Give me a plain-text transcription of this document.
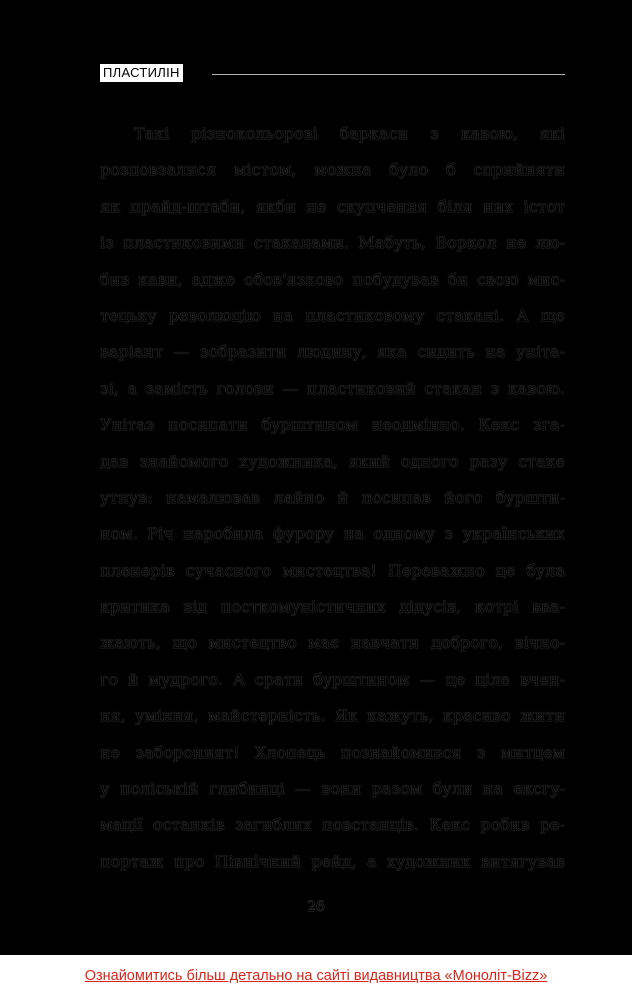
ПЛАСТИЛІН
Такі різнокольорові баркаси з кавою, які
розповзалися містом, можна було б сприйняти
як прайд-штаби, якби не скупчення біля них істот
із пластиковими стаканами. Мабуть, Воркол не лю-
бив кави, адже обов'язково побудував би свою мис-
тецьку революцію на пластиковому стакані. А ще
варіант — зобразити людину, яка сидить на уніта-
зі, а замість голови — пластиковий стакан з кавою.
Унітаз посипати бурштином неодмінно. Кекс зга-
дав знайомого художника, який одного разу стаке
утнув: намалював лайно й посипав його буршти-
ном. Річ наробила фурору на одному з українських
пленерів сучасного мистецтва! Переважно це була
критика від посткомуністичних дідусів, котрі вва-
жають, що мистецтво має навчати доброго, вічно-
го й мудрого. А срати бурштином — це ціле вчен-
ня, уміння, майстерність. Як кажуть, красиво жити
не забороният! Хлопець познайомився з митцем
у поліській глибинці — вони разом були на ексгу-
мації останків загиблих повстанців. Кекс робив ре-
портаж про Північний рейд, а художник витягував
26
Ознайомитись більш детально на сайті видавництва «Моноліт-Bizz»
